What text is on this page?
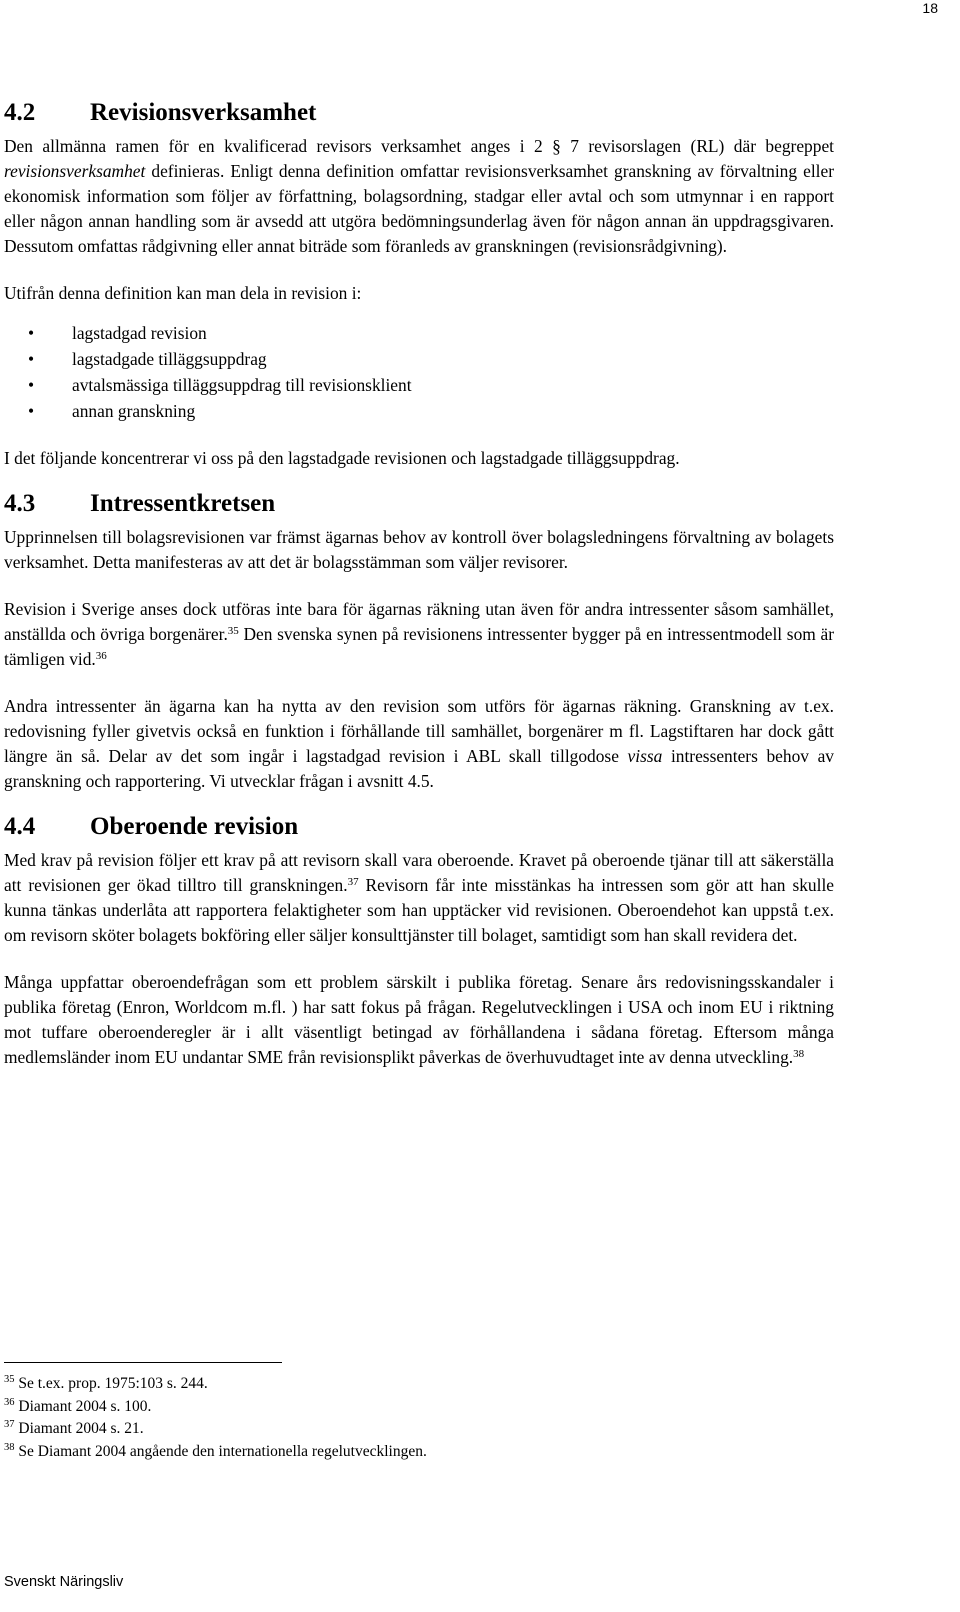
18
4.2 Revisionsverksamhet

Den allmänna ramen för en kvalificerad revisors verksamhet anges i 2 § 7 revisorslagen (RL) där begreppet revisionsverksamhet definieras. Enligt denna definition omfattar revisionsverksamhet granskning av förvaltning eller ekonomisk information som följer av författning, bolagsordning, stadgar eller avtal och som utmynnar i en rapport eller någon annan handling som är avsedd att utgöra bedömningsunderlag även för någon annan än uppdragsgivaren. Dessutom omfattas rådgivning eller annat biträde som föranleds av granskningen (revisionsrådgivning).

Utifrån denna definition kan man dela in revision i:

• lagstadgad revision
• lagstadgade tilläggsuppdrag
• avtalsmässiga tilläggsuppdrag till revisionsklient
• annan granskning

I det följande koncentrerar vi oss på den lagstadgade revisionen och lagstadgade tilläggsuppdrag.

4.3 Intressentkretsen

Upprinnelsen till bolagsrevisionen var främst ägarnas behov av kontroll över bolagsledningens förvaltning av bolagets verksamhet. Detta manifesteras av att det är bolagsstämman som väljer revisorer.

Revision i Sverige anses dock utföras inte bara för ägarnas räkning utan även för andra intressenter såsom samhället, anställda och övriga borgenärer.$^{35}$ Den svenska synen på revisionens intressenter bygger på en intressentmodell som är tämligen vid.$^{36}$

Andra intressenter än ägarna kan ha nytta av den revision som utförs för ägarnas räkning. Granskning av t.ex. redovisning fyller givetvis också en funktion i förhållande till samhället, borgenärer m fl. Lagstiftaren har dock gått längre än så. Delar av det som ingår i lagstadgad revision i ABL skall tillgodose vissa intressenters behov av granskning och rapportering. Vi utvecklar frågan i avsnitt 4.5.

4.4 Oberoende revision

Med krav på revision följer ett krav på att revisorn skall vara oberoende. Kravet på oberoende tjänar till att säkerställa att revisionen ger ökad tilltro till granskningen.$^{37}$ Revisorn får inte misstänkas ha intressen som gör att han skulle kunna tänkas underlåta att rapportera felaktigheter som han upptäcker vid revisionen. Oberoendehot kan uppstå t.ex. om revisorn sköter bolagets bokföring eller säljer konsulttjänster till bolaget, samtidigt som han skall revidera det.

Många uppfattar oberoendefrågan som ett problem särskilt i publika företag. Senare års redovisningsskandaler i publika företag (Enron, Worldcom m.fl. ) har satt fokus på frågan. Regelutvecklingen i USA och inom EU i riktning mot tuffare oberoenderegler är i allt väsentligt betingad av förhållandena i sådana företag. Eftersom många medlemsländer inom EU undantar SME från revisionsplikt påverkas de överhuvudtaget inte av denna utveckling.$^{38}$

$^{35}$ Se t.ex. prop. 1975:103 s. 244.
$^{36}$ Diamant 2004 s. 100.
$^{37}$ Diamant 2004 s. 21.
$^{38}$ Se Diamant 2004 angående den internationella regelutvecklingen.
Svenskt Näringsliv
